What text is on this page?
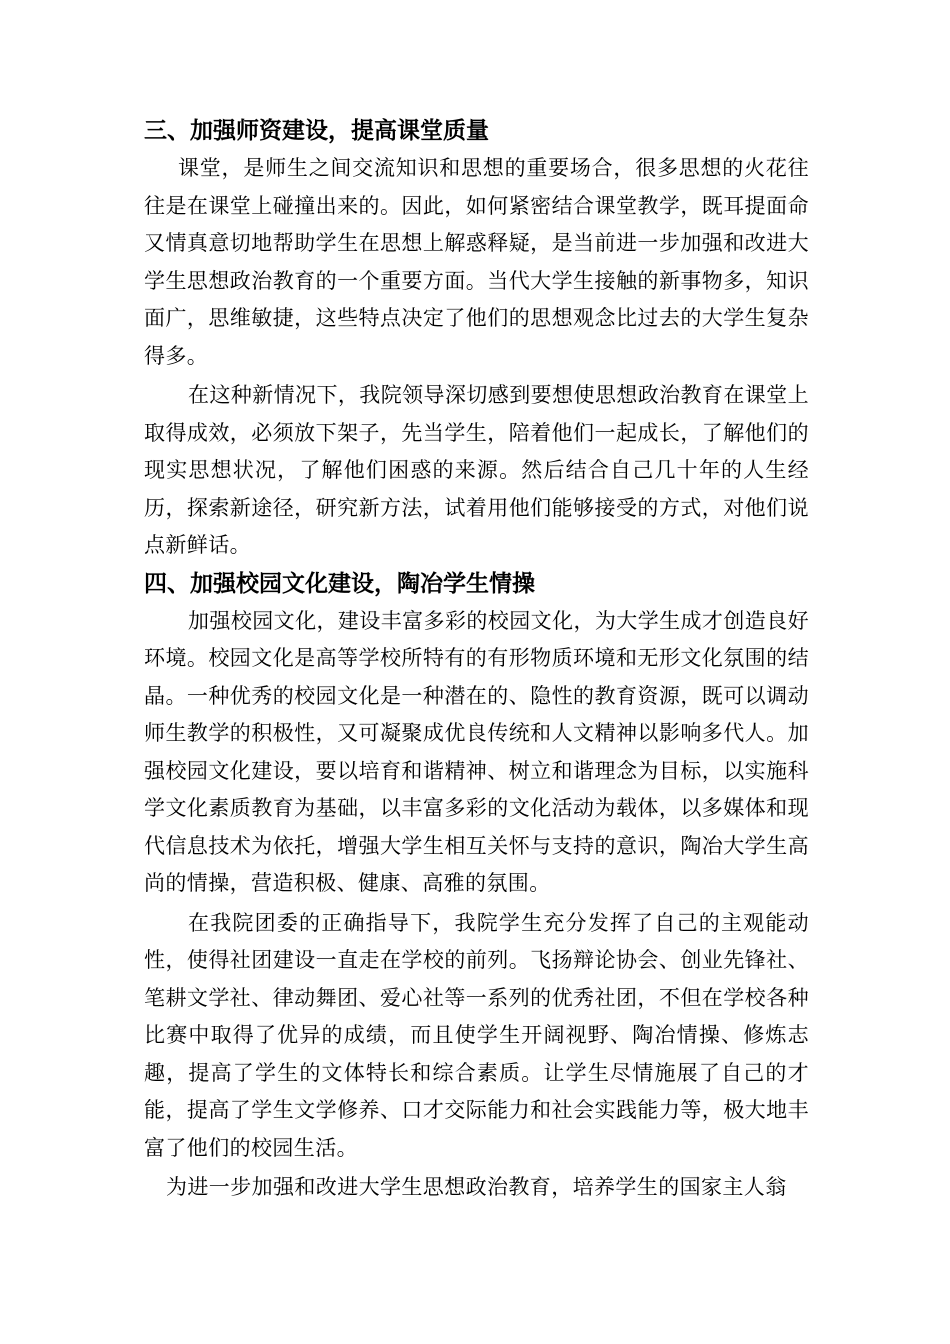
三、加强师资建设，提高课堂质量

课堂，是师生之间交流知识和思想的重要场合，很多思想的火花往往是在课堂上碰撞出来的。因此，如何紧密结合课堂教学，既耳提面命又情真意切地帮助学生在思想上解惑释疑，是当前进一步加强和改进大学生思想政治教育的一个重要方面。当代大学生接触的新事物多，知识面广，思维敏捷，这些特点决定了他们的思想观念比过去的大学生复杂得多。

在这种新情况下，我院领导深切感到要想使思想政治教育在课堂上取得成效，必须放下架子，先当学生，陪着他们一起成长，了解他们的现实思想状况，了解他们困惑的来源。然后结合自己几十年的人生经历，探索新途径，研究新方法，试着用他们能够接受的方式，对他们说点新鲜话。

四、加强校园文化建设，陶冶学生情操

加强校园文化，建设丰富多彩的校园文化，为大学生成才创造良好环境。校园文化是高等学校所特有的有形物质环境和无形文化氛围的结晶。一种优秀的校园文化是一种潜在的、隐性的教育资源，既可以调动师生教学的积极性，又可凝聚成优良传统和人文精神以影响多代人。加强校园文化建设，要以培育和谐精神、树立和谐理念为目标，以实施科学文化素质教育为基础，以丰富多彩的文化活动为载体，以多媒体和现代信息技术为依托，增强大学生相互关怀与支持的意识，陶冶大学生高尚的情操，营造积极、健康、高雅的氛围。

在我院团委的正确指导下，我院学生充分发挥了自己的主观能动性，使得社团建设一直走在学校的前列。飞扬辩论协会、创业先锋社、笔耕文学社、律动舞团、爱心社等一系列的优秀社团，不但在学校各种比赛中取得了优异的成绩，而且使学生开阔视野、陶冶情操、修炼志趣，提高了学生的文体特长和综合素质。让学生尽情施展了自己的才能，提高了学生文学修养、口才交际能力和社会实践能力等，极大地丰富了他们的校园生活。

为进一步加强和改进大学生思想政治教育，培养学生的国家主人翁
